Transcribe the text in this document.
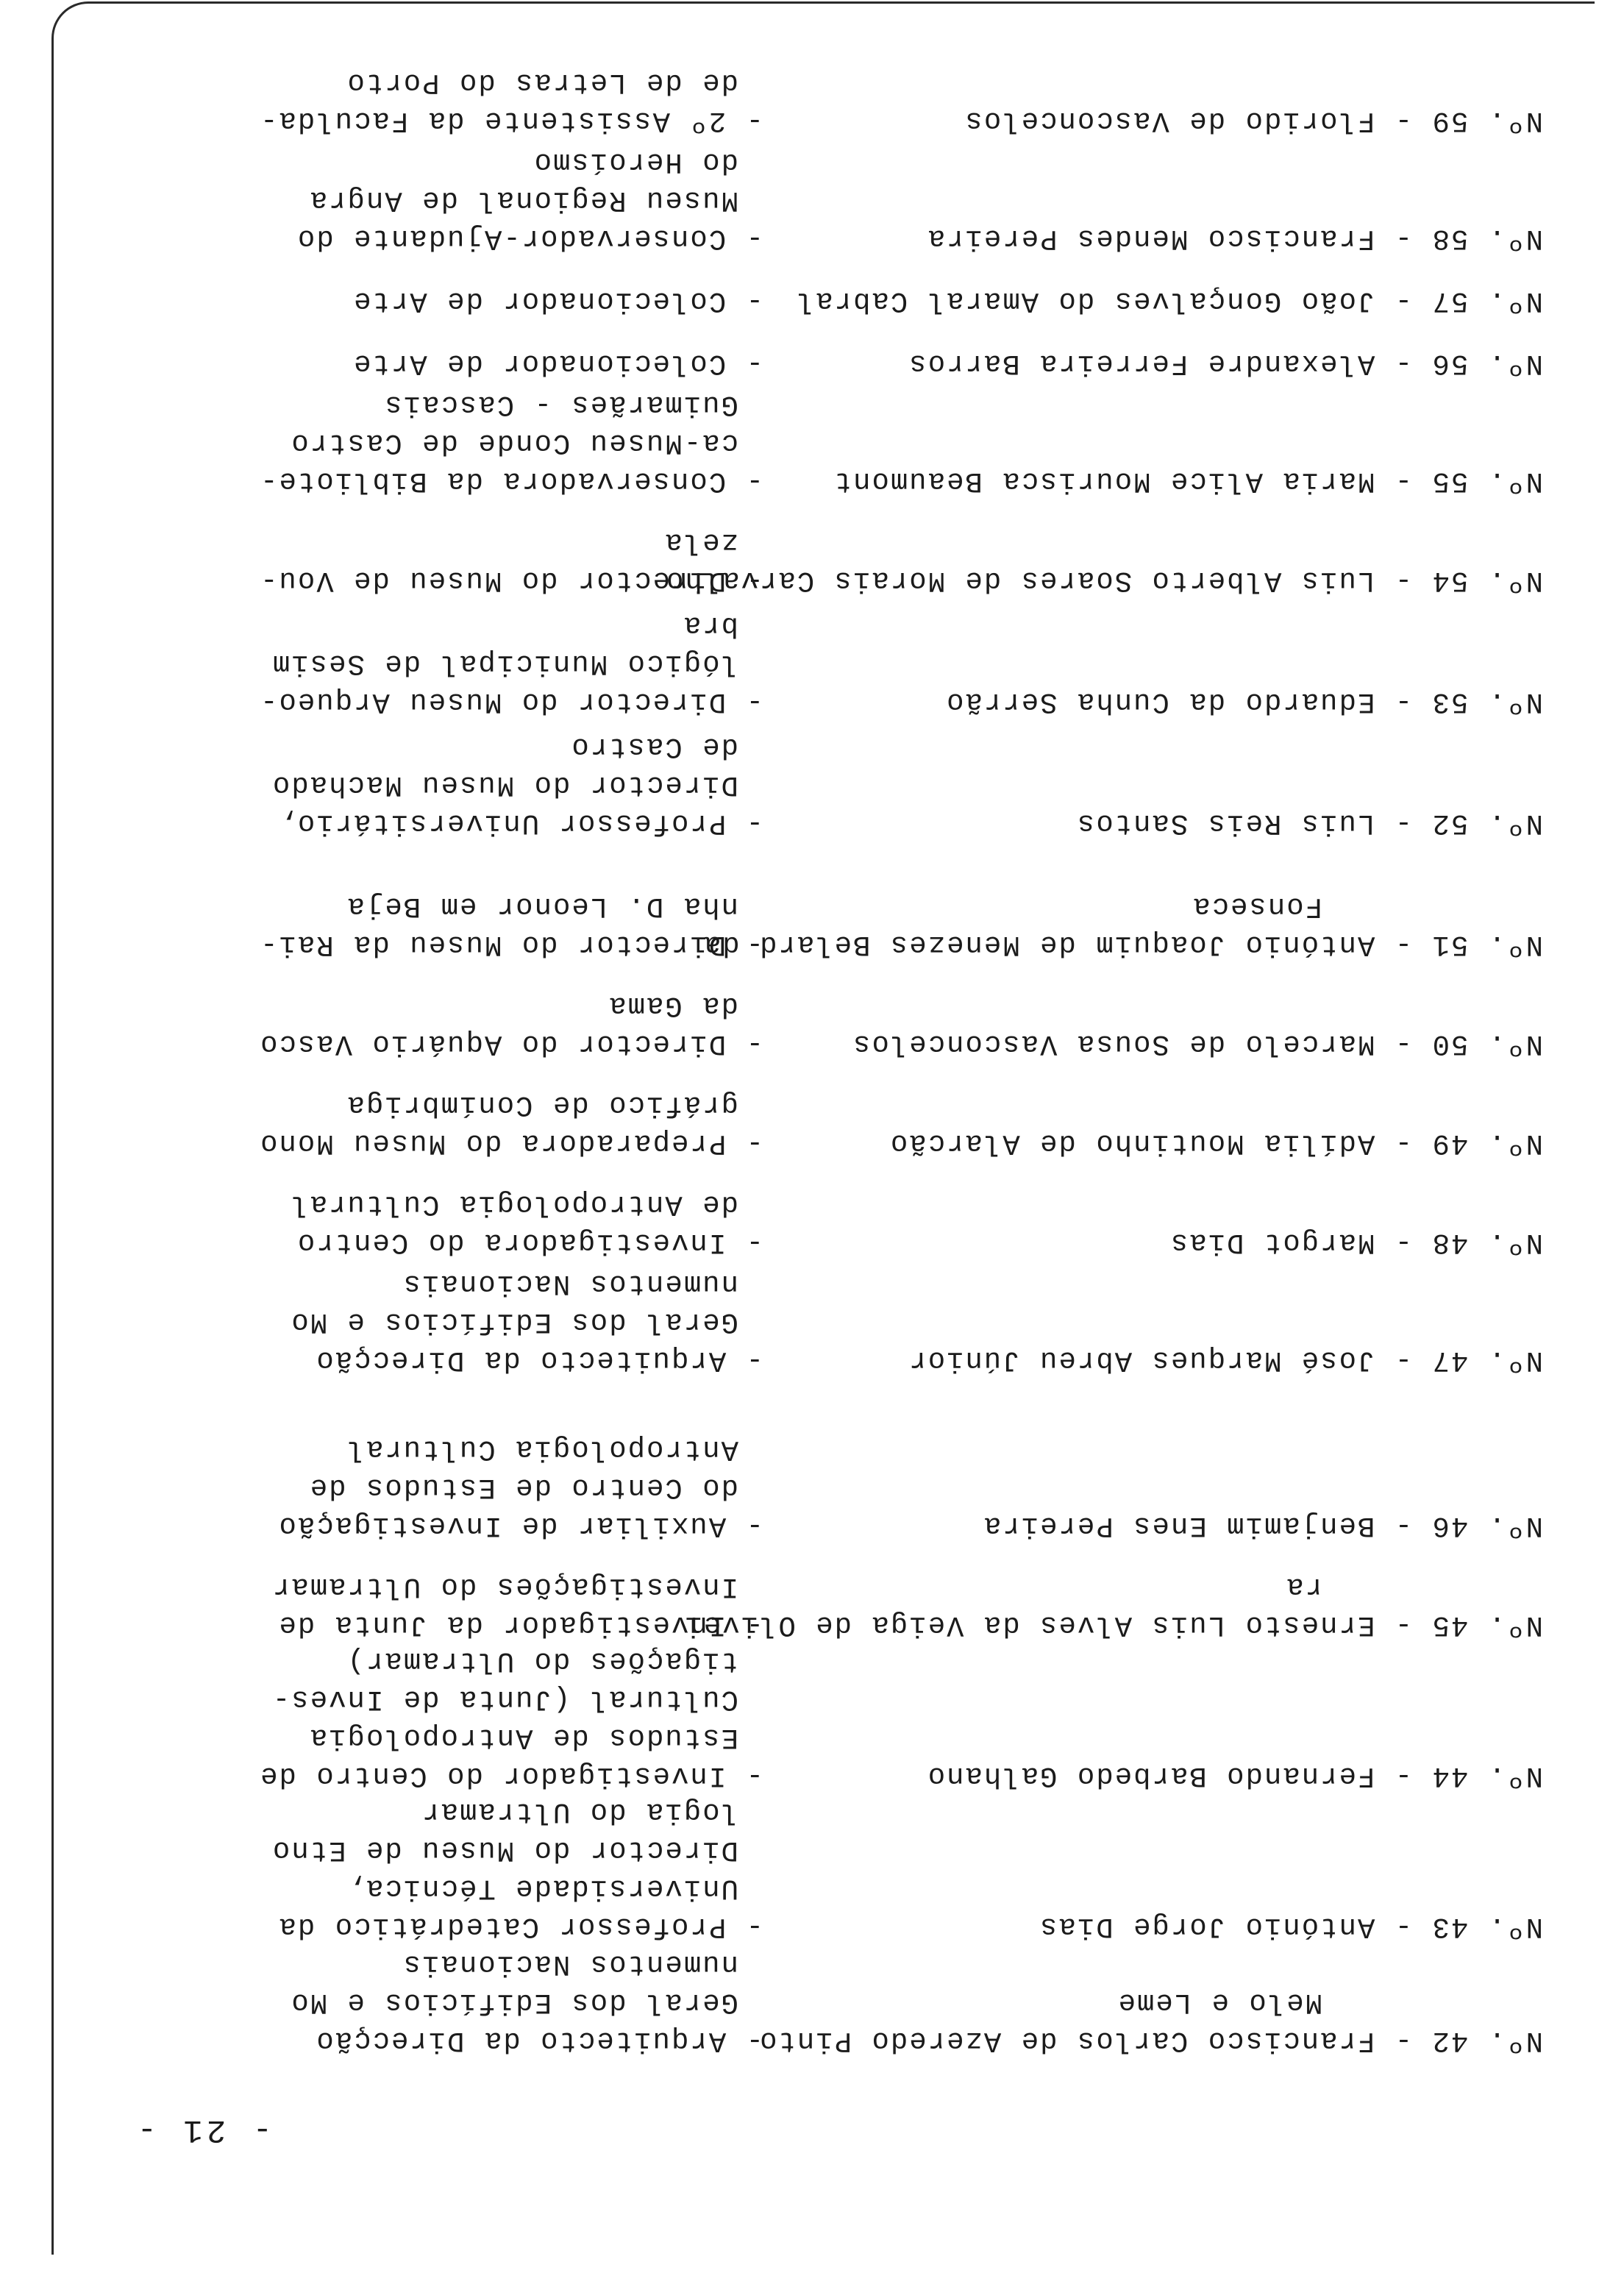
- 21 -
Nº. 42 - Francisco Carlos de Azeredo Pinto
Melo e Leme
- Arquitecto da Direcção
Geral dos Edifícios e Mo
numentos Nacionais
Nº. 43 - António Jorge Dias
- Professor Catedrático da
Universidade Técnica,
Director do Museu de Etno
logia do Ultramar
Nº. 44 - Fernando Barbedo Galhano
- Investigador do Centro de
Estudos de Antropologia
Cultural (Junta de Inves-
tigações do Ultramar)
Nº. 45 - Ernesto Luis Alves da Veiga de Olivei
ra
- Investigador da Junta de
Investigações do Ultramar
Nº. 46 - Benjamim Enes Pereira
- Auxiliar de Investigação
do Centro de Estudos de
Antropologia Cultural
Nº. 47 - José Marques Abreu Júnior
- Arquitecto da Direcção
Geral dos Edifícios e Mo
numentos Nacionais
Nº. 48 - Margot Dias
- Investigadora do Centro
de Antropologia Cultural
Nº. 49 - Adília Moutinho de Alarcão
- Preparadora do Museu Mono
gráfico de Conímbriga
Nº. 50 - Marcelo de Sousa Vasconcelos
- Director do Aquário Vasco
da Gama
Nº. 51 - António Joaquim de Menezes Belard da
Fonseca
- Director do Museu da Rai-
nha D. Leonor em Beja
Nº. 52 - Luis Reis Santos
- Professor Universitário,
Director do Museu Machado
de Castro
Nº. 53 - Eduardo da Cunha Serrão
- Director do Museu Arqueo-
lógico Municipal de Sesim
bra
Nº. 54 - Luis Alberto Soares de Morais Carvalho
- Director do Museu de Vou-
zela
Nº. 55 - Maria Alice Mourisca Beaumont
- Conservadora da Bibliote-
ca-Museu Conde de Castro
Guimarães - Cascais
Nº. 56 - Alexandre Ferreira Barros
- Colecionador de Arte
Nº. 57 - João Gonçalves do Amaral Cabral
- Colecionador de Arte
Nº. 58 - Francisco Mendes Pereira
- Conservador-Ajudante do
Museu Regional de Angra
do Heroísmo
Nº. 59 - Florido de Vasconcelos
- 2º Assistente da Faculda-
de de Letras do Porto
